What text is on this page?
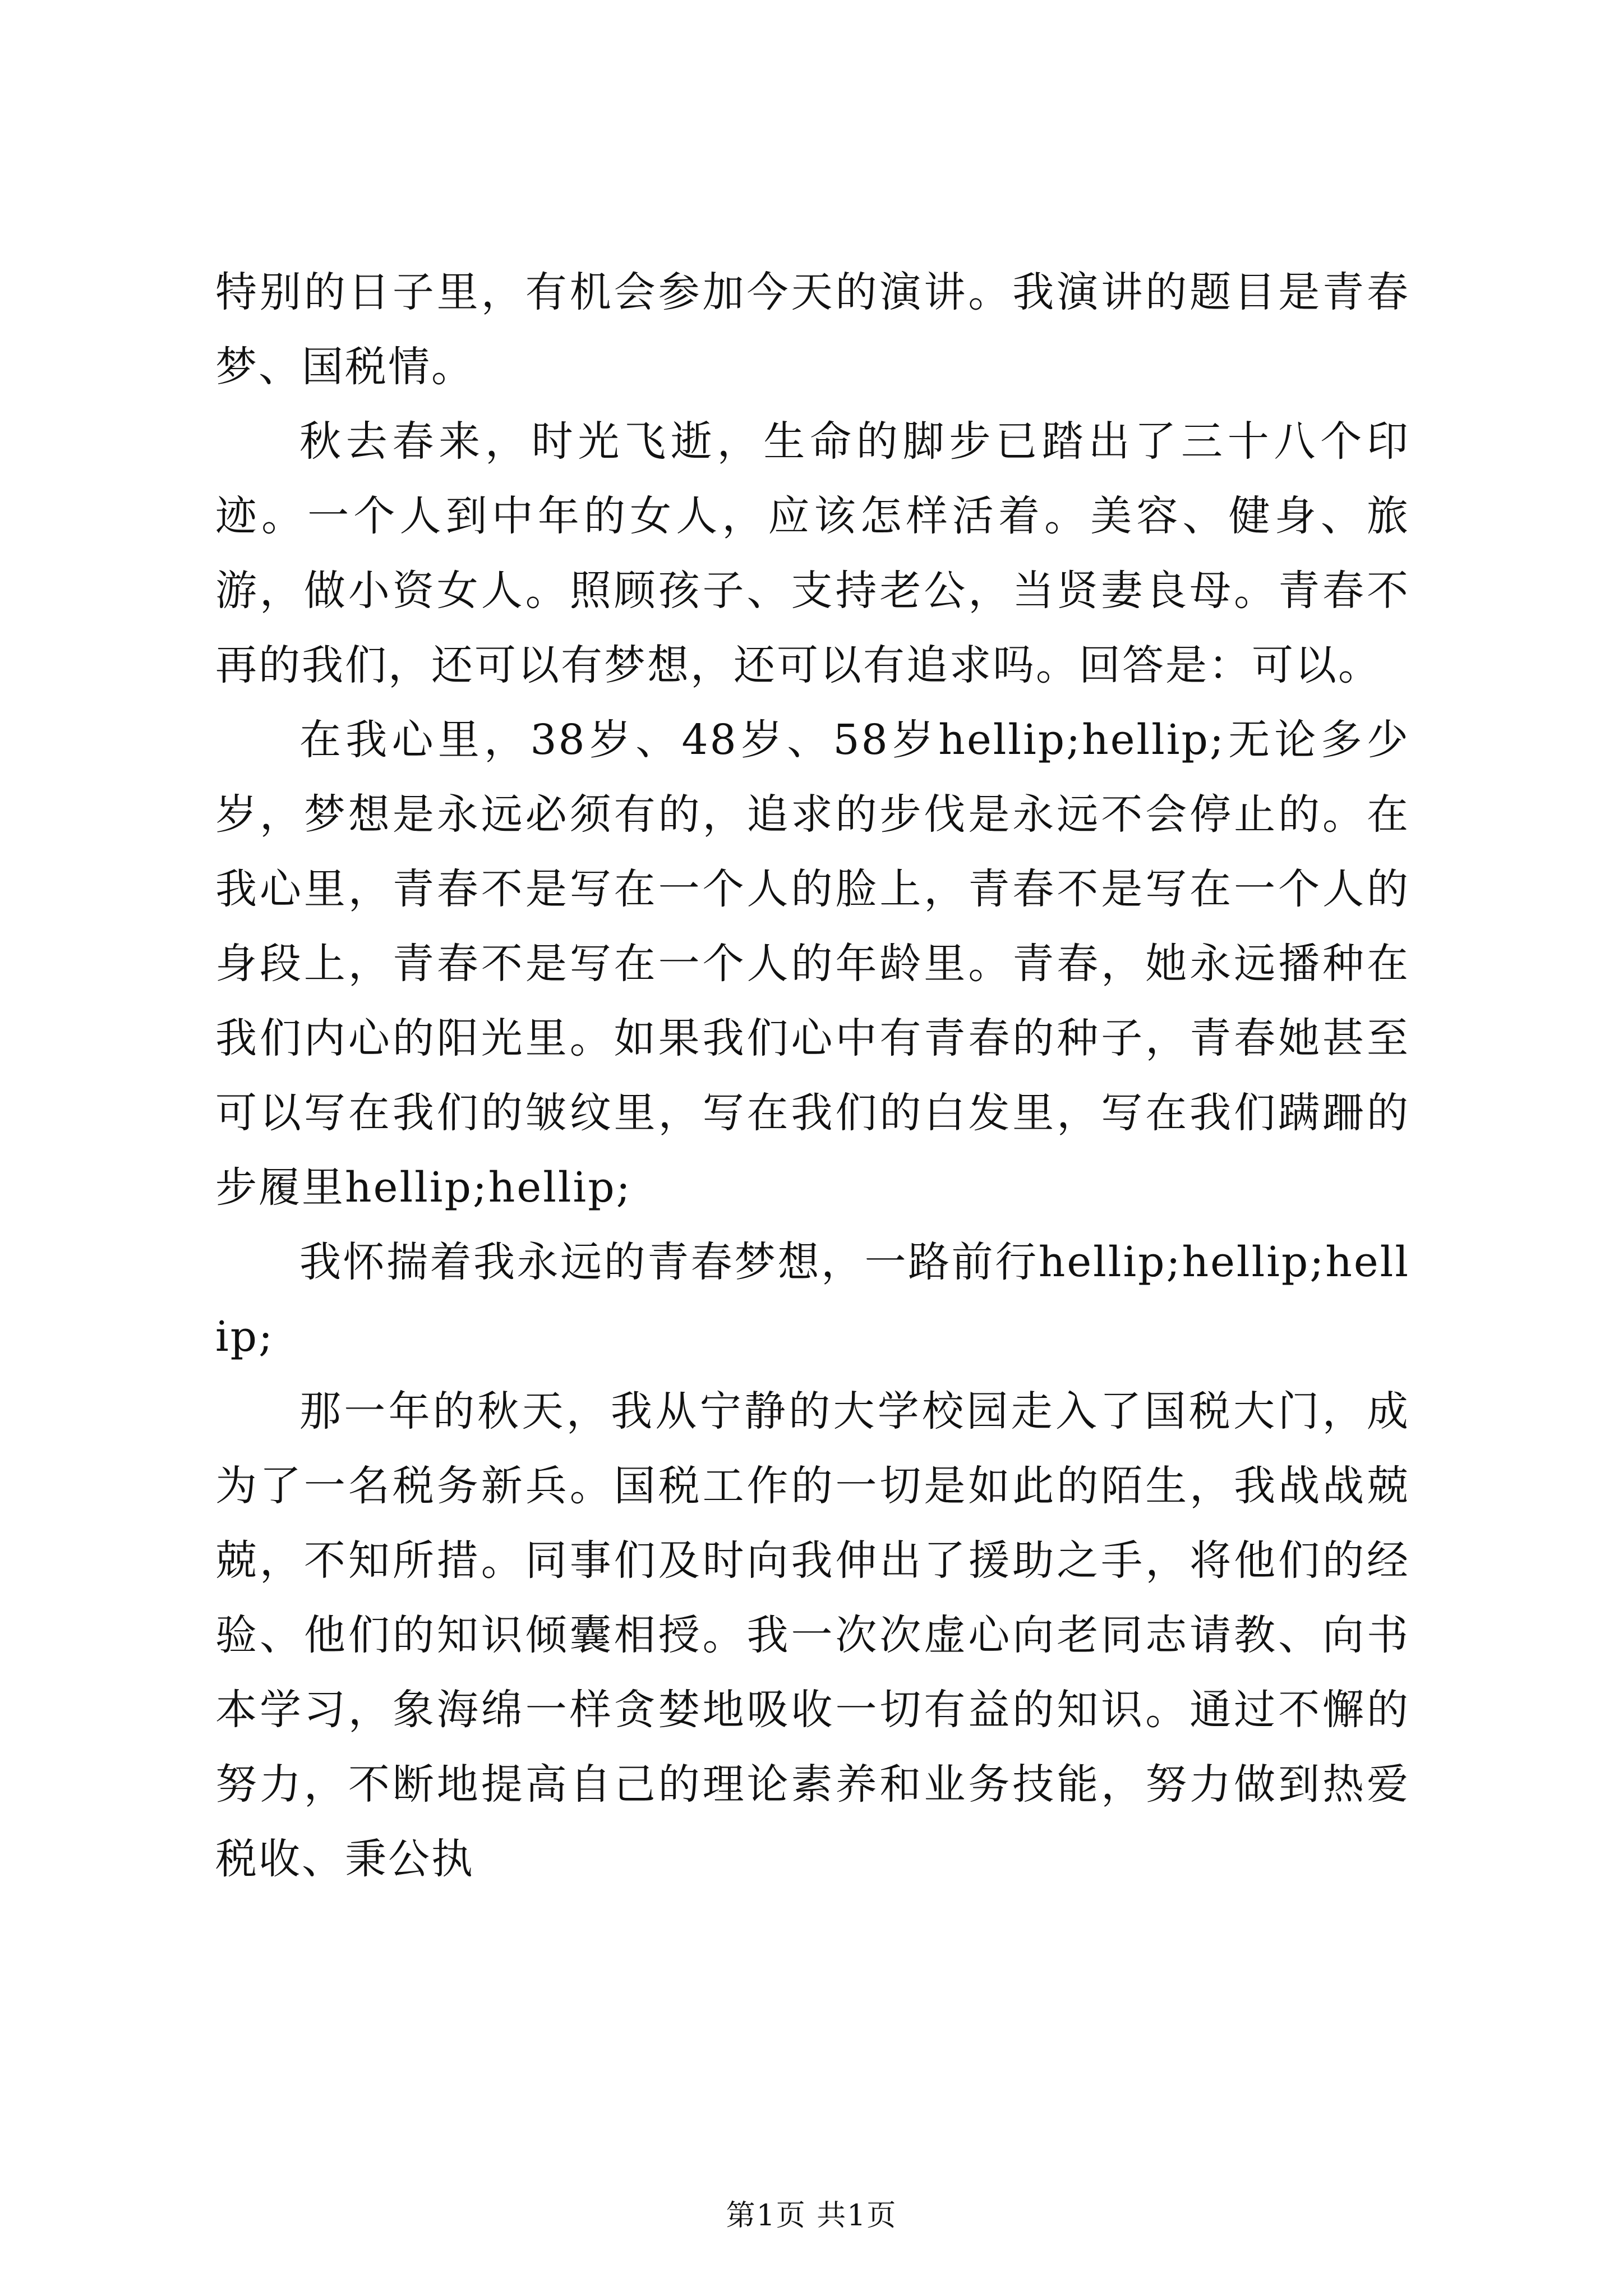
特别的日子里，有机会参加今天的演讲。我演讲的题目是青春梦、国税情。

秋去春来，时光飞逝，生命的脚步已踏出了三十八个印迹。一个人到中年的女人，应该怎样活着。美容、健身、旅游，做小资女人。照顾孩子、支持老公，当贤妻良母。青春不再的我们，还可以有梦想，还可以有追求吗。回答是：可以。

在我心里，38岁、48岁、58岁hellip;hellip;无论多少岁，梦想是永远必须有的，追求的步伐是永远不会停止的。在我心里，青春不是写在一个人的脸上，青春不是写在一个人的身段上，青春不是写在一个人的年龄里。青春，她永远播种在我们内心的阳光里。如果我们心中有青春的种子，青春她甚至可以写在我们的皱纹里，写在我们的白发里，写在我们蹒跚的步履里hellip;hellip;

我怀揣着我永远的青春梦想，一路前行hellip;hellip;hellip;

那一年的秋天，我从宁静的大学校园走入了国税大门，成为了一名税务新兵。国税工作的一切是如此的陌生，我战战兢兢，不知所措。同事们及时向我伸出了援助之手，将他们的经验、他们的知识倾囊相授。我一次次虚心向老同志请教、向书本学习，象海绵一样贪婪地吸收一切有益的知识。通过不懈的努力，不断地提高自己的理论素养和业务技能，努力做到热爱税收、秉公执

第1页 共1页
